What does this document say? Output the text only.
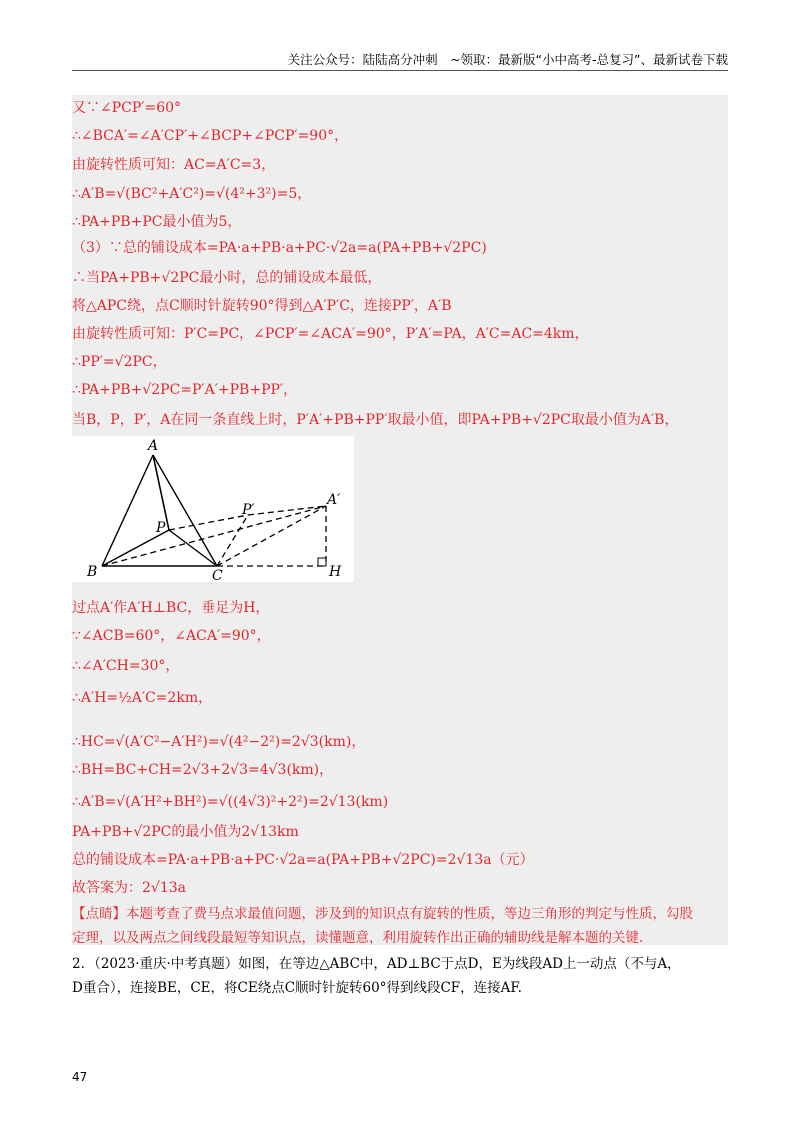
关注公众号：陆陆高分冲刺　~领取：最新版“小中高考-总复习”、最新试卷下载
又∵∠PCP′=60°
∴∠BCA′=∠A′CP′+∠BCP+∠PCP′=90°，
由旋转性质可知：AC=A′C=3，
∴A′B=√(BC²+A′C²)=√(4²+3²)=5，
∴PA+PB+PC最小值为5，
（3）∵总的铺设成本=PA·a+PB·a+PC·√2a=a(PA+PB+√2PC)
∴当PA+PB+√2PC最小时，总的铺设成本最低，
将△APC绕，点C顺时针旋转90°得到△A′P′C，连接PP′，A′B
由旋转性质可知：P′C=PC，∠PCP′=∠ACA′=90°，P′A′=PA，A′C=AC=4km，
∴PP′=√2PC，
∴PA+PB+√2PC=P′A′+PB+PP′，
当B，P，P′，A在同一条直线上时，P′A′+PB+PP′取最小值，即PA+PB+√2PC取最小值为A′B，
A
A′
P
P′
B	C	H
过点A′作A′H⊥BC，垂足为H，
∵∠ACB=60°，∠ACA′=90°，
∴∠A′CH=30°，
∴A′H=½A′C=2km，
∴HC=√(A′C²−A′H²)=√(4²−2²)=2√3(km)，
∴BH=BC+CH=2√3+2√3=4√3(km)，
∴A′B=√(A′H²+BH²)=√((4√3)²+2²)=2√13(km)
PA+PB+√2PC的最小值为2√13km
总的铺设成本=PA·a+PB·a+PC·√2a=a(PA+PB+√2PC)=2√13a（元）
故答案为：2√13a
【点睛】本题考查了费马点求最值问题，涉及到的知识点有旋转的性质，等边三角形的判定与性质，勾股
定理，以及两点之间线段最短等知识点，读懂题意，利用旋转作出正确的辅助线是解本题的关键.
2．（2023·重庆·中考真题）如图，在等边△ABC中，AD⊥BC于点D，E为线段AD上一动点（不与A，
D重合），连接BE，CE，将CE绕点C顺时针旋转60°得到线段CF，连接AF.
47
